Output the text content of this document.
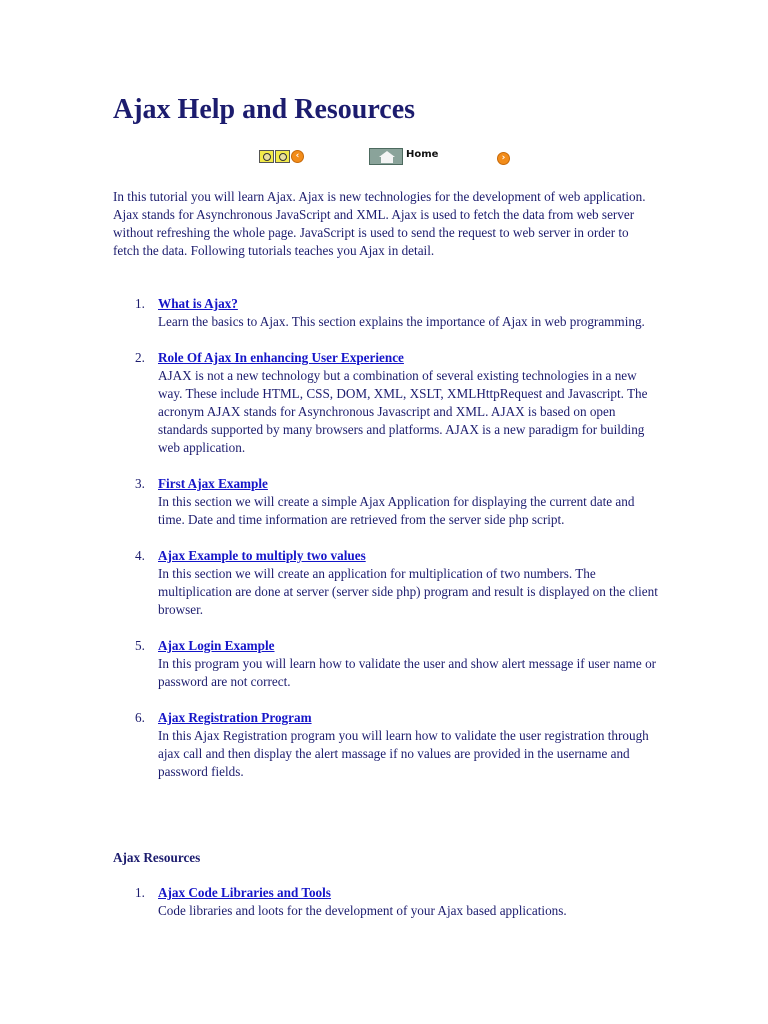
Ajax Help and Resources
‹	Home	›

In this tutorial you will learn Ajax. Ajax is new technologies for the development of web application. Ajax stands for Asynchronous JavaScript and XML. Ajax is used to fetch the data from web server without refreshing the whole page. JavaScript is used to send the request to web server in order to fetch the data. Following tutorials teaches you Ajax in detail.

1. What is Ajax?
Learn the basics to Ajax. This section explains the importance of Ajax in web programming.
2. Role Of Ajax In enhancing User Experience
AJAX is not a new technology but a combination of several existing technologies in a new way. These include HTML, CSS, DOM, XML, XSLT, XMLHttpRequest and Javascript. The acronym AJAX stands for Asynchronous Javascript and XML. AJAX is based on open standards supported by many browsers and platforms. AJAX is a new paradigm for building web application.
3. First Ajax Example
In this section we will create a simple Ajax Application for displaying the current date and time. Date and time information are retrieved from the server side php script.
4. Ajax Example to multiply two values
In this section we will create an application for multiplication of two numbers. The multiplication are done at server (server side php) program and result is displayed on the client browser.
5. Ajax Login Example
In this program you will learn how to validate the user and show alert message if user name or password are not correct.
6. Ajax Registration Program
In this Ajax Registration program you will learn how to validate the user registration through ajax call and then display the alert massage if no values are provided in the username and password fields.
Ajax Resources
1. Ajax Code Libraries and Tools
Code libraries and loots for the development of your Ajax based applications.
